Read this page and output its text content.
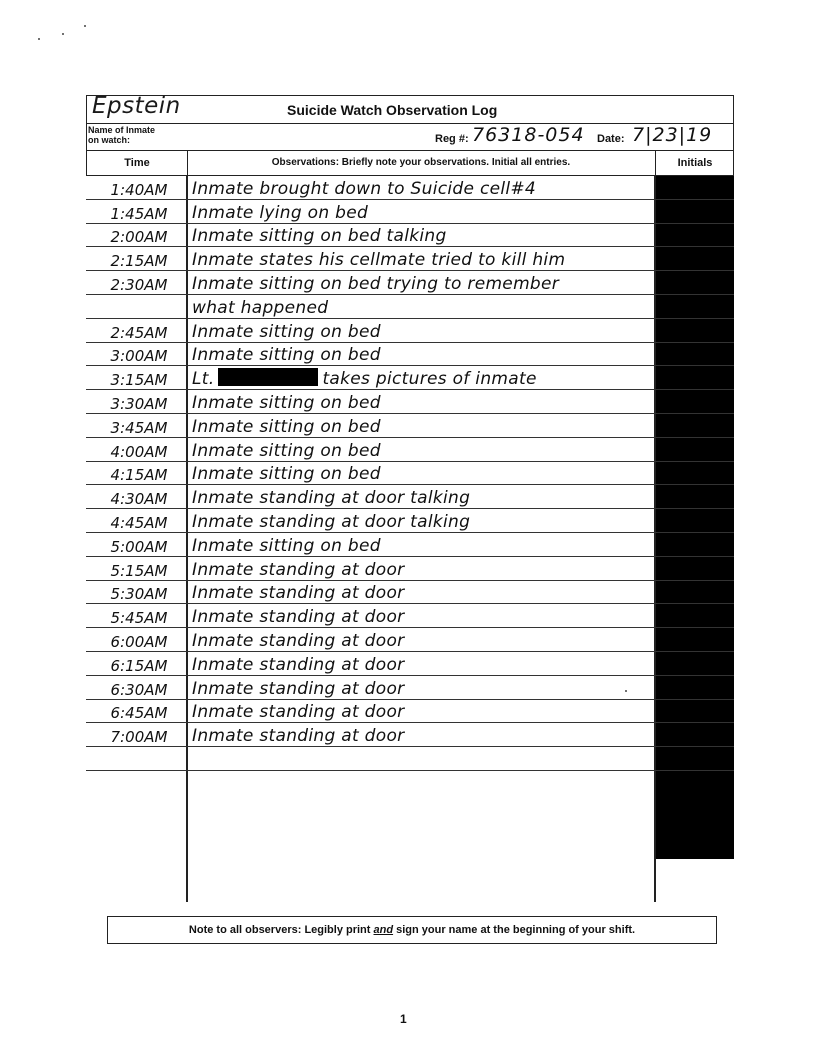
Epstein	Suicide Watch Observation Log
Name of Inmate
on watch:	Reg #: 76318-054 Date: 7|23|19
Time	Observations: Briefly note your observations. Initial all entries.	Initials
1:40AM	Inmate brought down to Suicide cell#4
1:45AM	Inmate lying on bed
2:00AM	Inmate sitting on bed talking
2:15AM	Inmate states his cellmate tried to kill him
2:30AM	Inmate sitting on bed trying to remember
what happened
2:45AM	Inmate sitting on bed
3:00AM	Inmate sitting on bed
3:15AM	Lt.	takes pictures of inmate
3:30AM	Inmate sitting on bed
3:45AM	Inmate sitting on bed
4:00AM	Inmate sitting on bed
4:15AM	Inmate sitting on bed
4:30AM	Inmate standing at door talking
4:45AM	Inmate standing at door talking
5:00AM	Inmate sitting on bed
5:15AM	Inmate standing at door
5:30AM	Inmate standing at door
5:45AM	Inmate standing at door
6:00AM	Inmate standing at door
6:15AM	Inmate standing at door
6:30AM	Inmate standing at door
6:45AM	Inmate standing at door
7:00AM	Inmate standing at door
Note to all observers: Legibly print and sign your name at the beginning of your shift.
1
